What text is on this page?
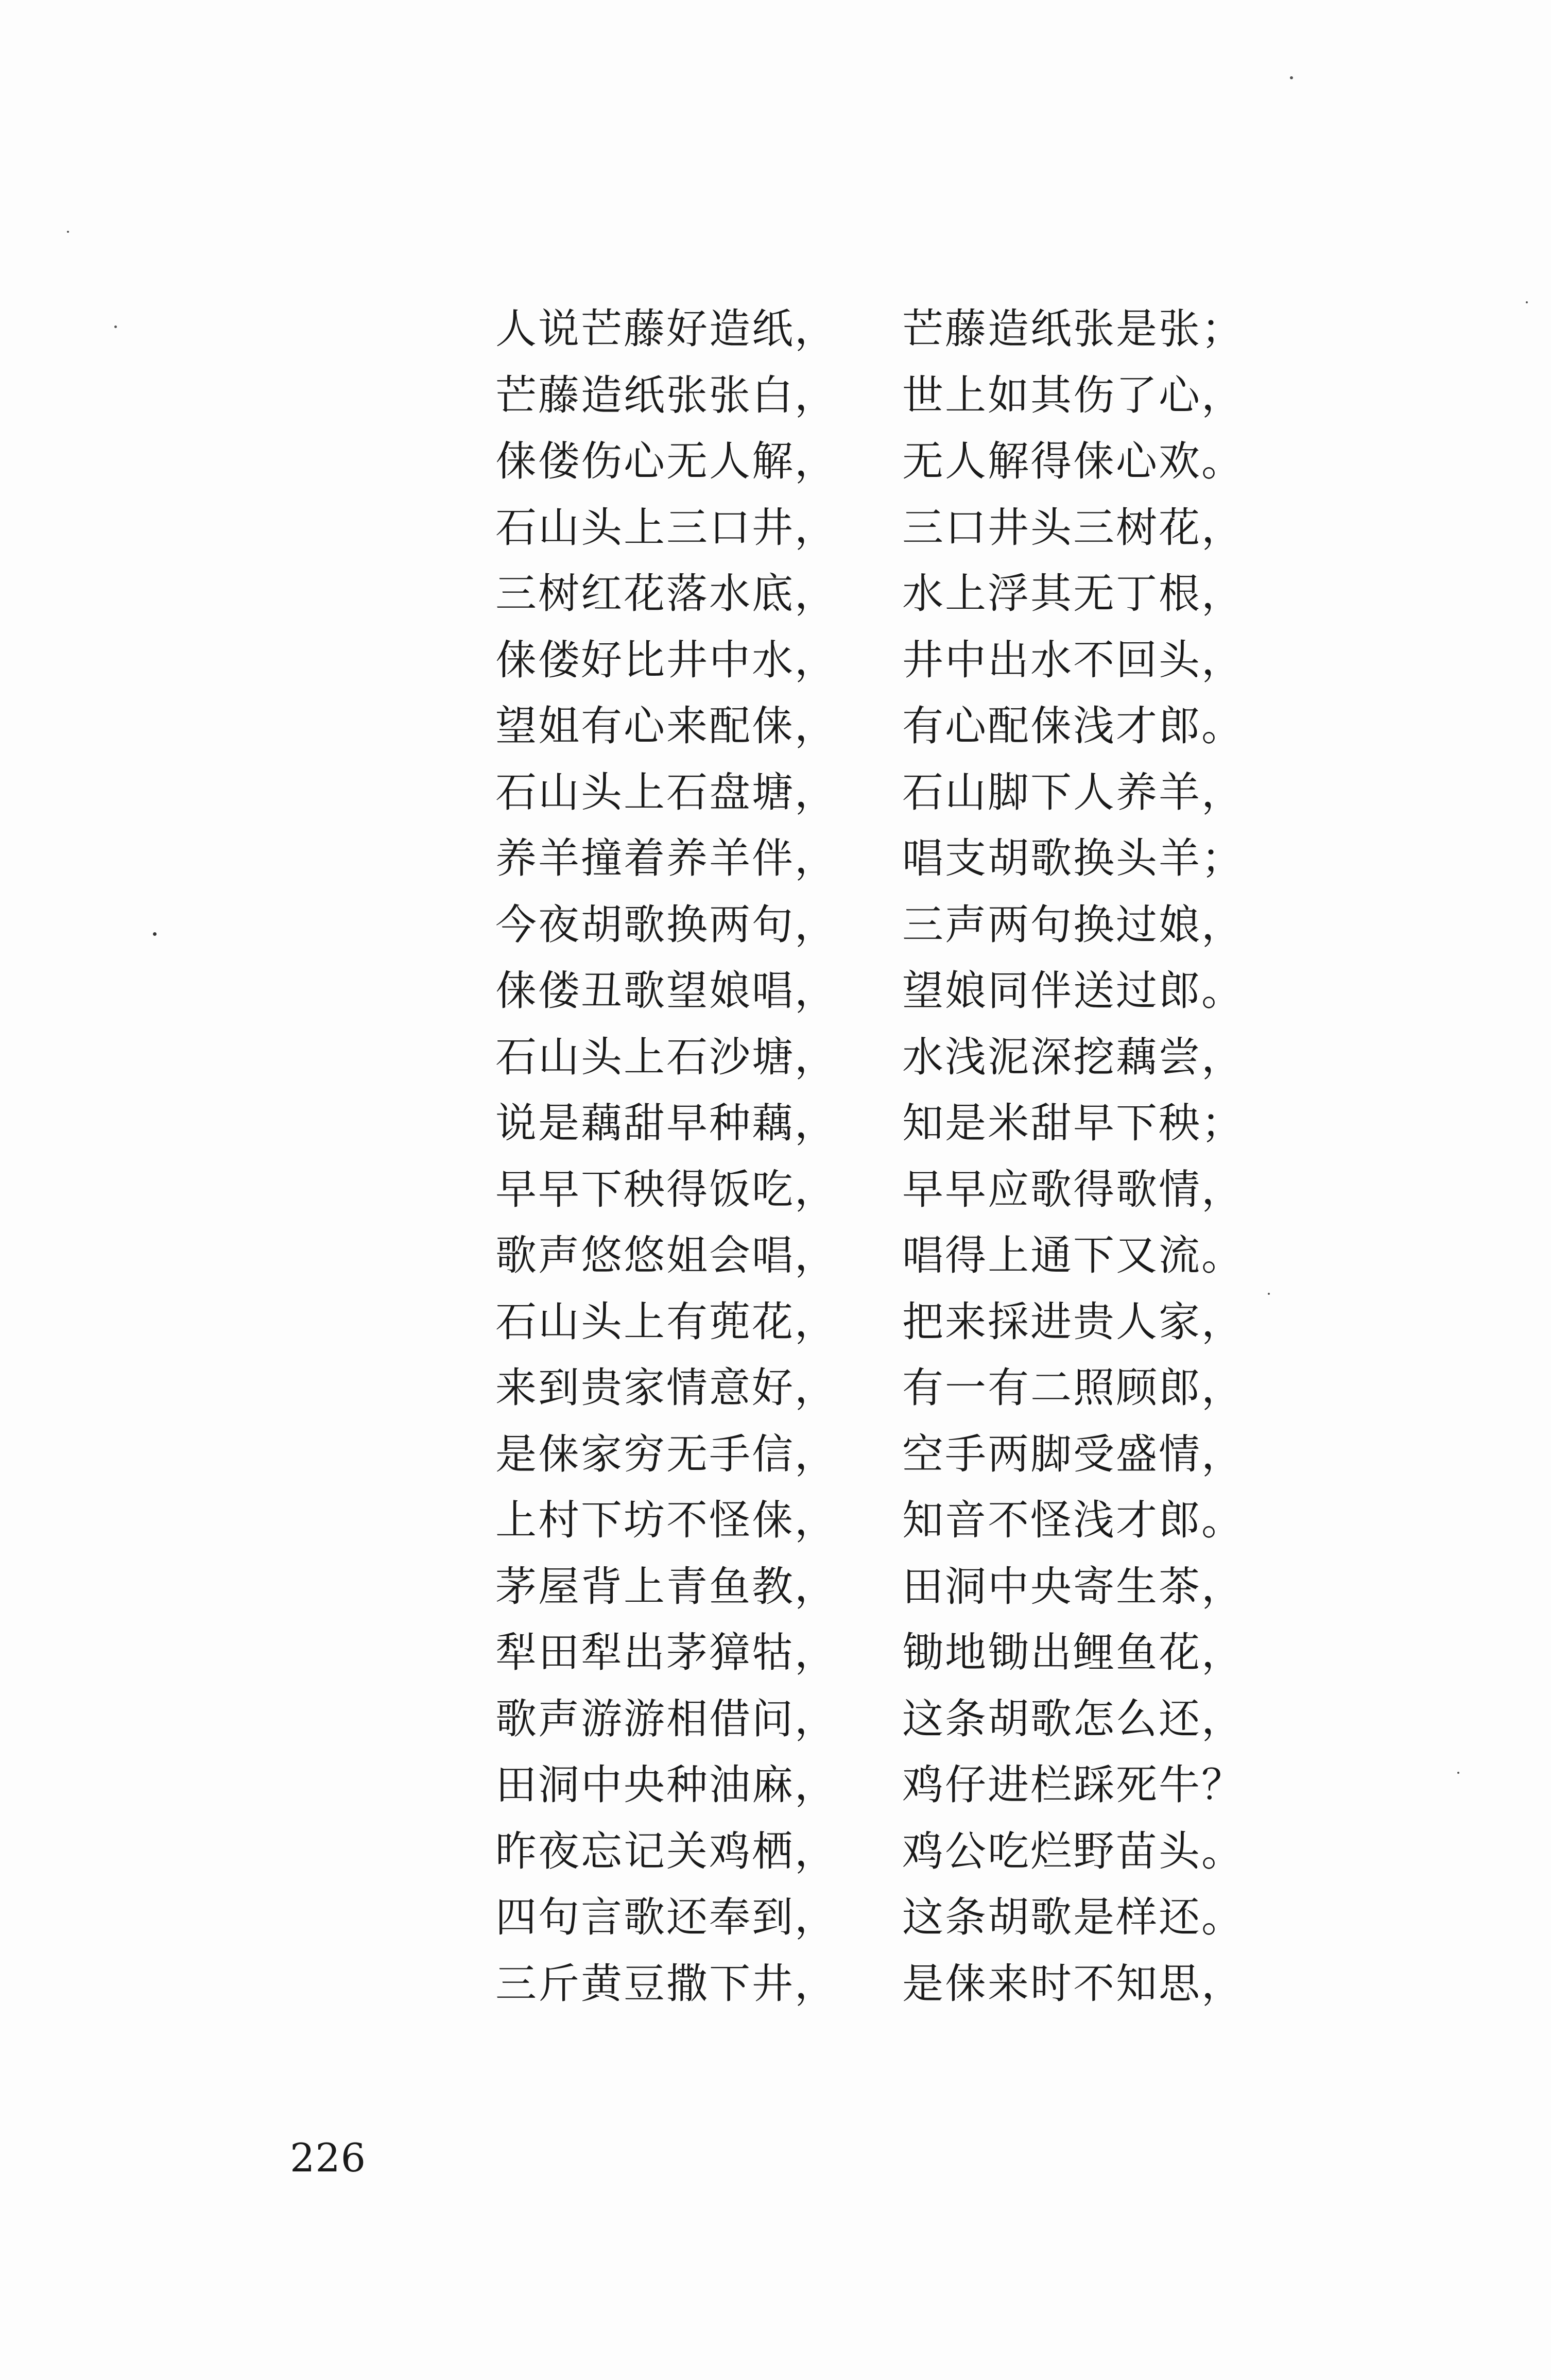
人说芒藤好造纸， 芒藤造纸张是张；
芒藤造纸张张白， 世上如其伤了心，
俫偻伤心无人解， 无人解得俫心欢。
石山头上三口井， 三口井头三树花，
三树红花落水底， 水上浮其无丁根，
俫偻好比井中水， 井中出水不回头，
望姐有心来配俫， 有心配俫浅才郎。
石山头上石盘塘， 石山脚下人养羊，
养羊撞着养羊伴， 唱支胡歌换头羊；
今夜胡歌换两句， 三声两句换过娘，
俫偻丑歌望娘唱， 望娘同伴送过郎。
石山头上石沙塘， 水浅泥深挖藕尝，
说是藕甜早种藕， 知是米甜早下秧；
早早下秧得饭吃， 早早应歌得歌情，
歌声悠悠姐会唱， 唱得上通下又流。
石山头上有蔸花， 把来採进贵人家，
来到贵家情意好， 有一有二照顾郎，
是俫家穷无手信， 空手两脚受盛情，
上村下坊不怪俫， 知音不怪浅才郎。
茅屋背上青鱼教， 田洞中央寄生茶，
犁田犁出茅獐牯， 锄地锄出鲤鱼花，
歌声游游相借问， 这条胡歌怎么还，
田洞中央种油麻， 鸡仔进栏踩死牛？
昨夜忘记关鸡栖， 鸡公吃烂野苗头。
四句言歌还奉到， 这条胡歌是样还。
三斤黄豆撒下井， 是俫来时不知思，
226
